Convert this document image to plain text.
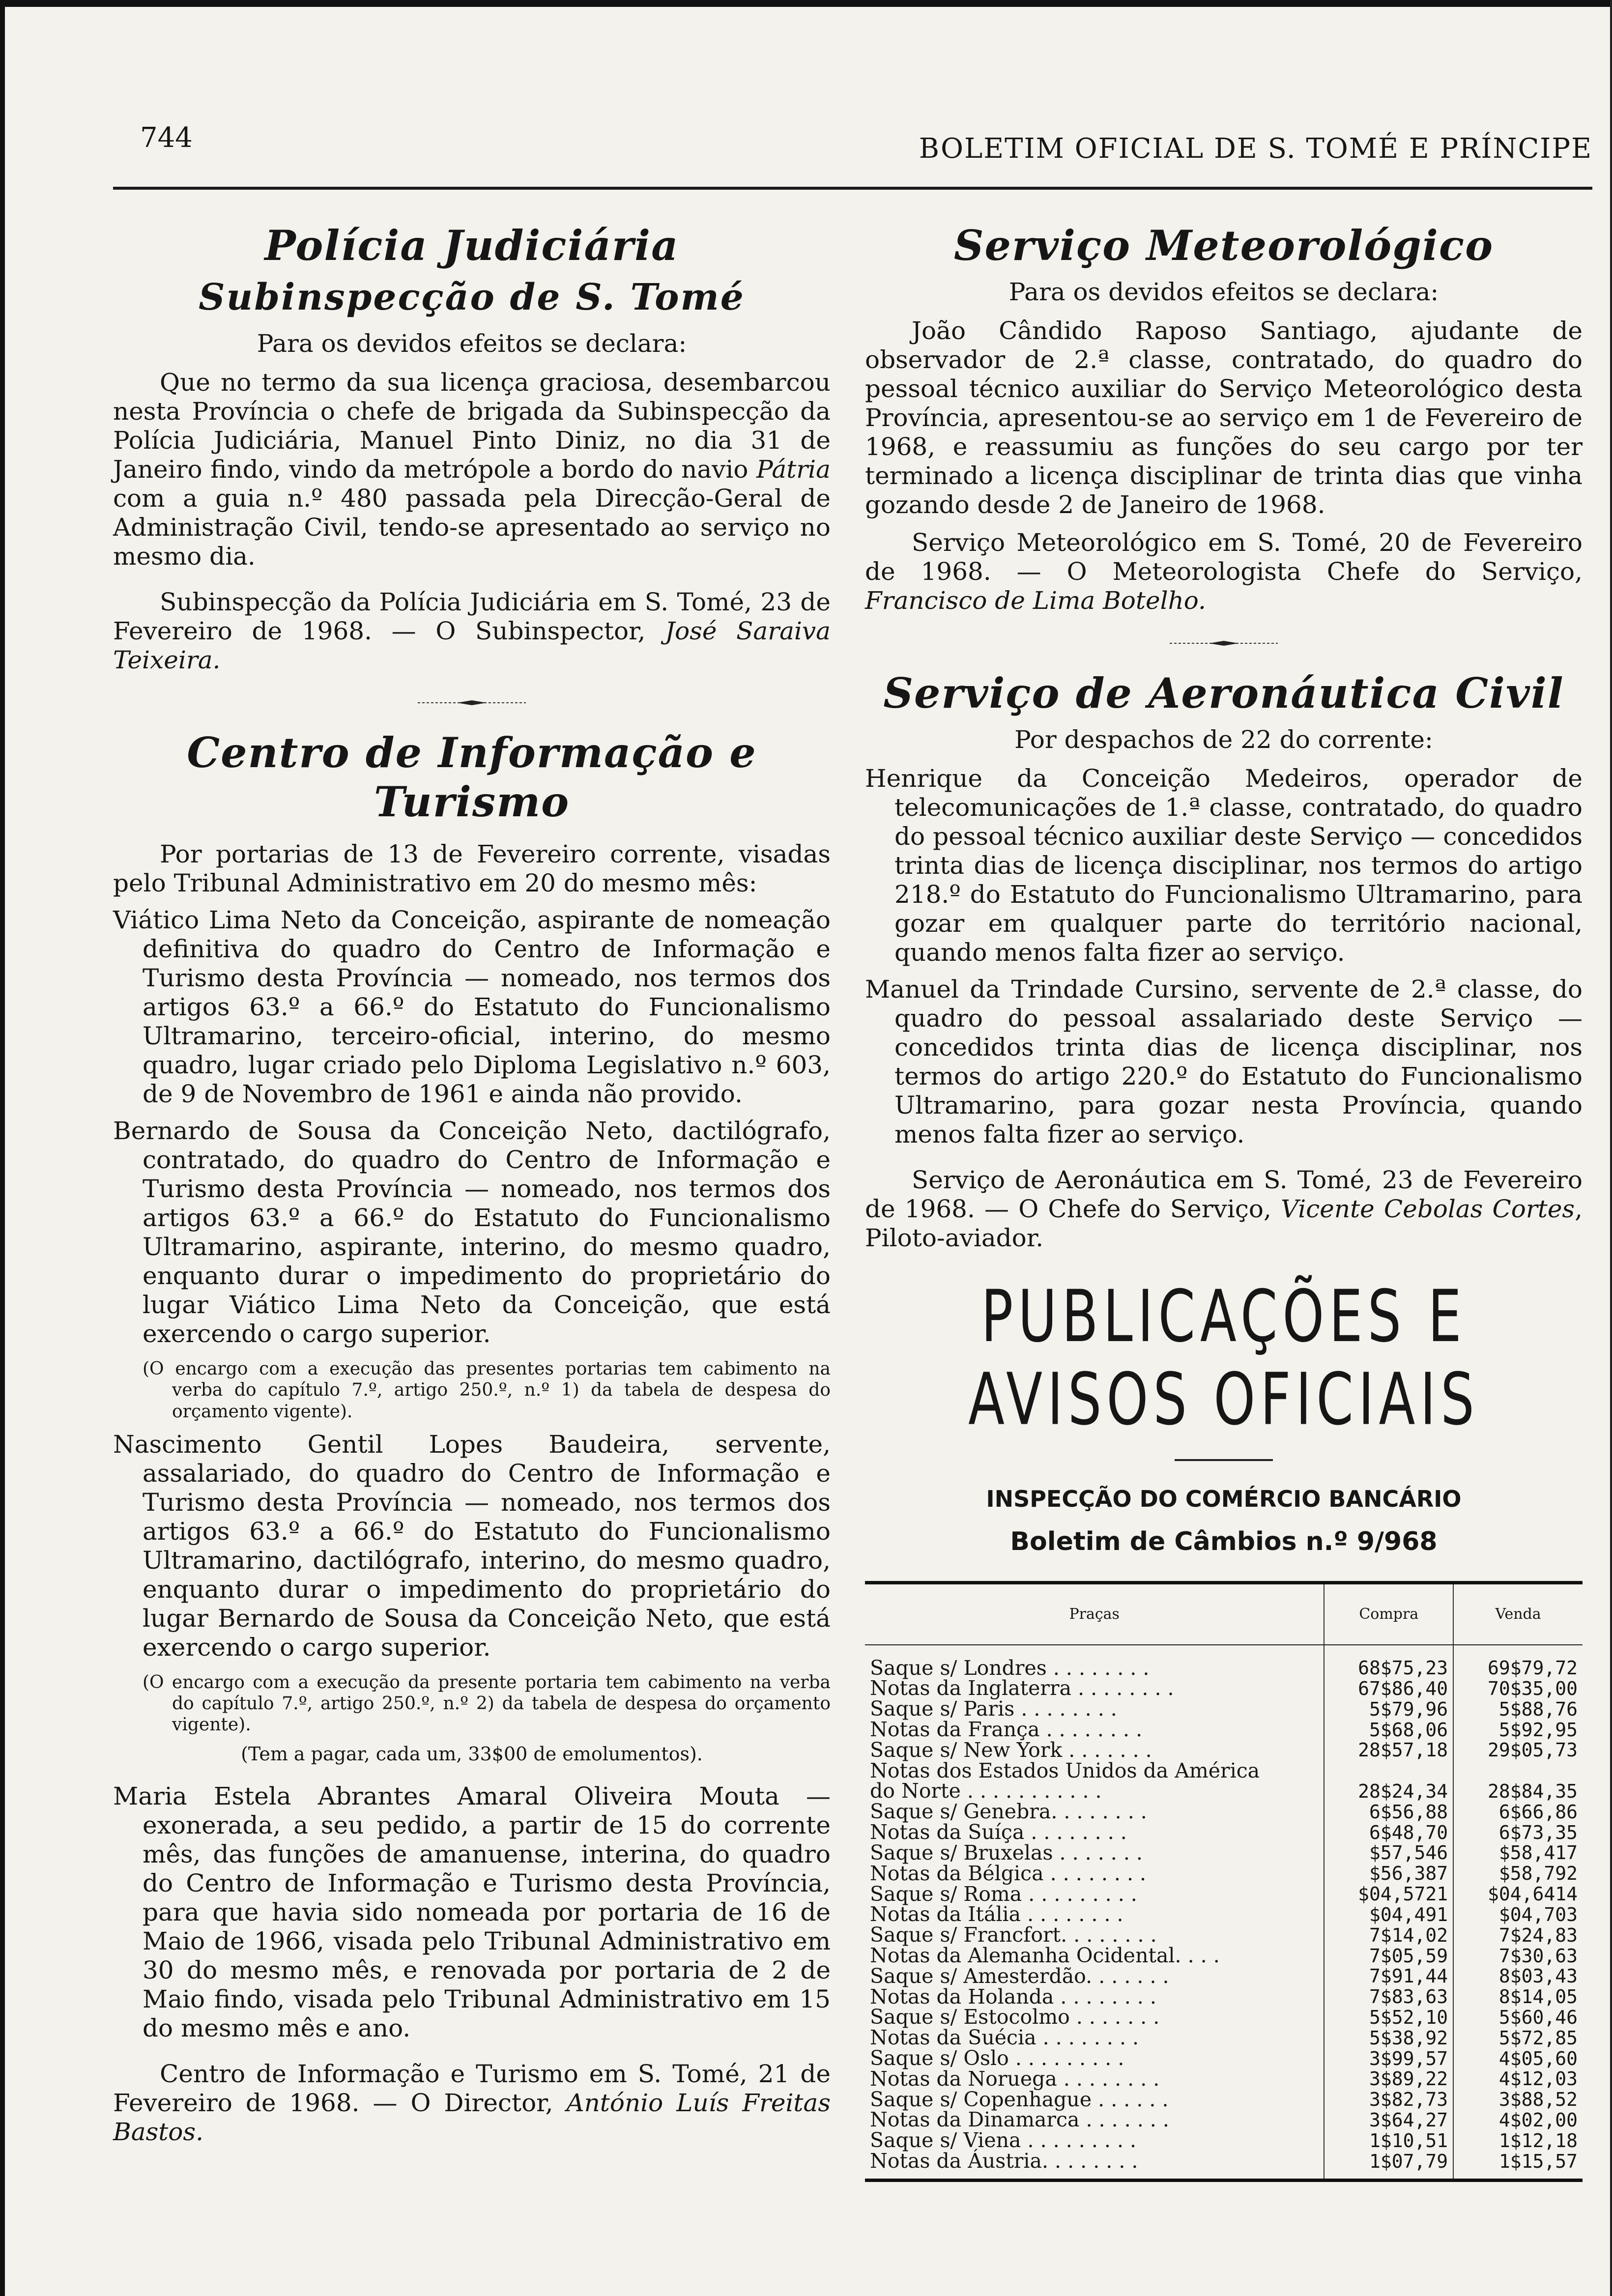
744	BOLETIM OFICIAL DE S. TOMÉ E PRÍNCIPE
Polícia Judiciária
Subinspecção de S. Tomé

Para os devidos efeitos se declara:

Que no termo da sua licença graciosa, desembarcou nesta Província o chefe de brigada da Subinspecção da Polícia Judiciária, Manuel Pinto Diniz, no dia 31 de Janeiro findo, vindo da metrópole a bordo do navio Pátria com a guia n.º 480 passada pela Direcção-Geral de Administração Civil, tendo-se apresentado ao serviço no mesmo dia.

Subinspecção da Polícia Judiciária em S. Tomé, 23 de Fevereiro de 1968. — O Subinspector, José Saraiva Teixeira.

Centro de Informação e Turismo

Por portarias de 13 de Fevereiro corrente, visadas pelo Tribunal Administrativo em 20 do mesmo mês:

Viático Lima Neto da Conceição, aspirante de nomeação definitiva do quadro do Centro de Informação e Turismo desta Província — nomeado, nos termos dos artigos 63.º a 66.º do Estatuto do Funcionalismo Ultramarino, terceiro-oficial, interino, do mesmo quadro, lugar criado pelo Diploma Legislativo n.º 603, de 9 de Novembro de 1961 e ainda não provido.

Bernardo de Sousa da Conceição Neto, dactilógrafo, contratado, do quadro do Centro de Informação e Turismo desta Província — nomeado, nos termos dos artigos 63.º a 66.º do Estatuto do Funcionalismo Ultramarino, aspirante, interino, do mesmo quadro, enquanto durar o impedimento do proprietário do lugar Viático Lima Neto da Conceição, que está exercendo o cargo superior.

(O encargo com a execução das presentes portarias tem cabimento na verba do capítulo 7.º, artigo 250.º, n.º 1) da tabela de despesa do orçamento vigente).

Nascimento Gentil Lopes Baudeira, servente, assalariado, do quadro do Centro de Informação e Turismo desta Província — nomeado, nos termos dos artigos 63.º a 66.º do Estatuto do Funcionalismo Ultramarino, dactilógrafo, interino, do mesmo quadro, enquanto durar o impedimento do proprietário do lugar Bernardo de Sousa da Conceição Neto, que está exercendo o cargo superior.

(O encargo com a execução da presente portaria tem cabimento na verba do capítulo 7.º, artigo 250.º, n.º 2) da tabela de despesa do orçamento vigente).

(Tem a pagar, cada um, 33$00 de emolumentos).

Maria Estela Abrantes Amaral Oliveira Mouta — exonerada, a seu pedido, a partir de 15 do corrente mês, das funções de amanuense, interina, do quadro do Centro de Informação e Turismo desta Província, para que havia sido nomeada por portaria de 16 de Maio de 1966, visada pelo Tribunal Administrativo em 30 do mesmo mês, e renovada por portaria de 2 de Maio findo, visada pelo Tribunal Administrativo em 15 do mesmo mês e ano.

Centro de Informação e Turismo em S. Tomé, 21 de Fevereiro de 1968. — O Director, António Luís Freitas Bastos.

Serviço Meteorológico

Para os devidos efeitos se declara:

João Cândido Raposo Santiago, ajudante de observador de 2.ª classe, contratado, do quadro do pessoal técnico auxiliar do Serviço Meteorológico desta Província, apresentou-se ao serviço em 1 de Fevereiro de 1968, e reassumiu as funções do seu cargo por ter terminado a licença disciplinar de trinta dias que vinha gozando desde 2 de Janeiro de 1968.

Serviço Meteorológico em S. Tomé, 20 de Fevereiro de 1968. — O Meteorologista Chefe do Serviço, Francisco de Lima Botelho.

Serviço de Aeronáutica Civil

Por despachos de 22 do corrente:

Henrique da Conceição Medeiros, operador de telecomunicações de 1.ª classe, contratado, do quadro do pessoal técnico auxiliar deste Serviço — concedidos trinta dias de licença disciplinar, nos termos do artigo 218.º do Estatuto do Funcionalismo Ultramarino, para gozar em qualquer parte do território nacional, quando menos falta fizer ao serviço.

Manuel da Trindade Cursino, servente de 2.ª classe, do quadro do pessoal assalariado deste Serviço — concedidos trinta dias de licença disciplinar, nos termos do artigo 220.º do Estatuto do Funcionalismo Ultramarino, para gozar nesta Província, quando menos falta fizer ao serviço.

Serviço de Aeronáutica em S. Tomé, 23 de Fevereiro de 1968. — O Chefe do Serviço, Vicente Cebolas Cortes, Piloto-aviador.

PUBLICAÇÕES E AVISOS OFICIAIS
INSPECÇÃO DO COMÉRCIO BANCÁRIO
Boletim de Câmbios n.º 9/968
Praças	Compra	Venda
Saque s/ Londres . . . . . . . .	68$75,23	69$79,72
Notas da Inglaterra . . . . . . . .	67$86,40	70$35,00
Saque s/ Paris . . . . . . . .	5$79,96	5$88,76
Notas da França . . . . . . . .	5$68,06	5$92,95
Saque s/ New York . . . . . . .	28$57,18	29$05,73
Notas dos Estados Unidos da América		
do Norte . . . . . . . . . . .	28$24,34	28$84,35
Saque s/ Genebra. . . . . . . .	6$56,88	6$66,86
Notas da Suíça . . . . . . . .	6$48,70	6$73,35
Saque s/ Bruxelas . . . . . . .	$57,546	$58,417
Notas da Bélgica . . . . . . . .	$56,387	$58,792
Saque s/ Roma . . . . . . . . .	$04,5721	$04,6414
Notas da Itália . . . . . . . .	$04,491	$04,703
Saque s/ Francfort. . . . . . . .	7$14,02	7$24,83
Notas da Alemanha Ocidental. . . .	7$05,59	7$30,63
Saque s/ Amesterdão. . . . . . .	7$91,44	8$03,43
Notas da Holanda . . . . . . . .	7$83,63	8$14,05
Saque s/ Estocolmo . . . . . . .	5$52,10	5$60,46
Notas da Suécia . . . . . . . .	5$38,92	5$72,85
Saque s/ Oslo . . . . . . . . .	3$99,57	4$05,60
Notas da Noruega . . . . . . . .	3$89,22	4$12,03
Saque s/ Copenhague . . . . . .	3$82,73	3$88,52
Notas da Dinamarca . . . . . . .	3$64,27	4$02,00
Saque s/ Viena . . . . . . . . .	1$10,51	1$12,18
Notas da Áustria. . . . . . . .	1$07,79	1$15,57
